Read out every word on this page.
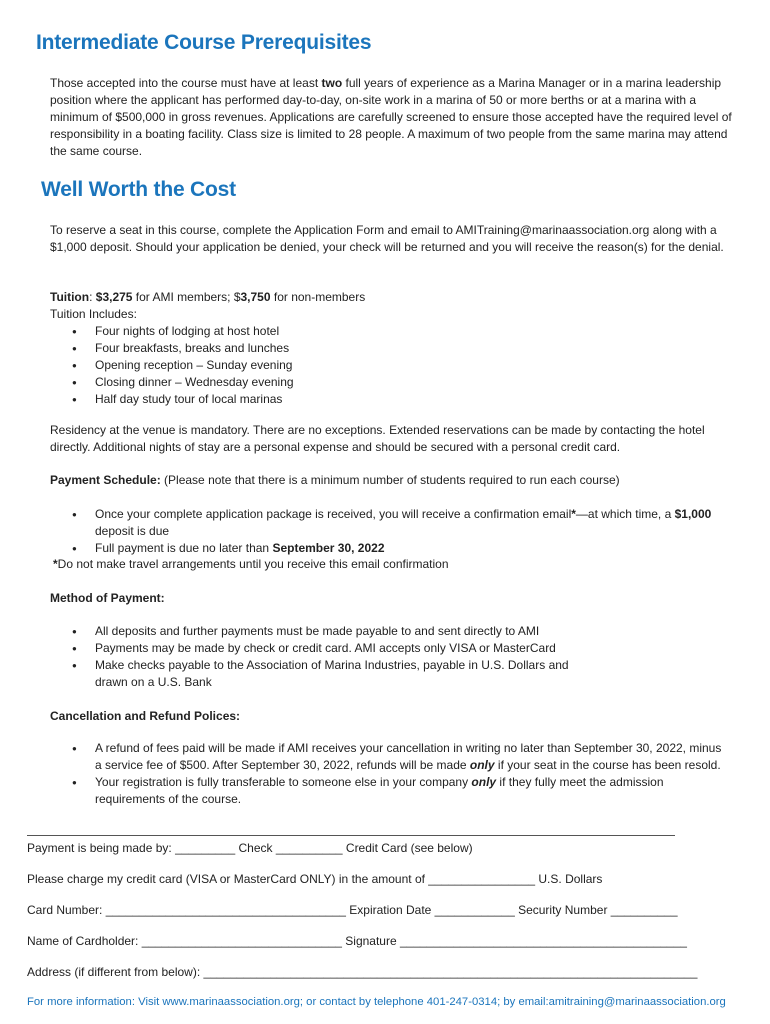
Intermediate Course Prerequisites
Those accepted into the course must have at least two full years of experience as a Marina Manager or in a marina leadership position where the applicant has performed day-to-day, on-site work in a marina of 50 or more berths or at a marina with a minimum of $500,000 in gross revenues. Applications are carefully screened to ensure those accepted have the required level of responsibility in a boating facility. Class size is limited to 28 people. A maximum of two people from the same marina may attend the same course.
Well Worth the Cost
To reserve a seat in this course, complete the Application Form and email to AMITraining@marinaassociation.org along with a $1,000 deposit. Should your application be denied, your check will be returned and you will receive the reason(s) for the denial.

Tuition: $3,275 for AMI members; $3,750 for non-members

Tuition Includes:

● Four nights of lodging at host hotel
● Four breakfasts, breaks and lunches
● Opening reception – Sunday evening
● Closing dinner – Wednesday evening
● Half day study tour of local marinas
Residency at the venue is mandatory. There are no exceptions. Extended reservations can be made by contacting the hotel directly. Additional nights of stay are a personal expense and should be secured with a personal credit card.
Payment Schedule: (Please note that there is a minimum number of students required to run each course)
● Once your complete application package is received, you will receive a confirmation email*—at which time, a $1,000 deposit is due
● Full payment is due no later than September 30, 2022
*Do not make travel arrangements until you receive this email confirmation
Method of Payment:
● All deposits and further payments must be made payable to and sent directly to AMI
● Payments may be made by check or credit card. AMI accepts only VISA or MasterCard
● Make checks payable to the Association of Marina Industries, payable in U.S. Dollars and drawn on a U.S. Bank
Cancellation and Refund Polices:
● A refund of fees paid will be made if AMI receives your cancellation in writing no later than September 30, 2022, minus a service fee of $500. After September 30, 2022, refunds will be made only if your seat in the course has been resold.
● Your registration is fully transferable to someone else in your company only if they fully meet the admission requirements of the course.
Payment is being made by: _________ Check __________ Credit Card (see below)
Please charge my credit card (VISA or MasterCard ONLY) in the amount of ________________ U.S. Dollars
Card Number: ____________________________________ Expiration Date ____________ Security Number __________
Name of Cardholder: ______________________________ Signature ___________________________________________
Address (if different from below): __________________________________________________________________________
For more information: Visit www.marinaassociation.org; or contact by telephone 401-247-0314; by email:amitraining@marinaassociation.org
